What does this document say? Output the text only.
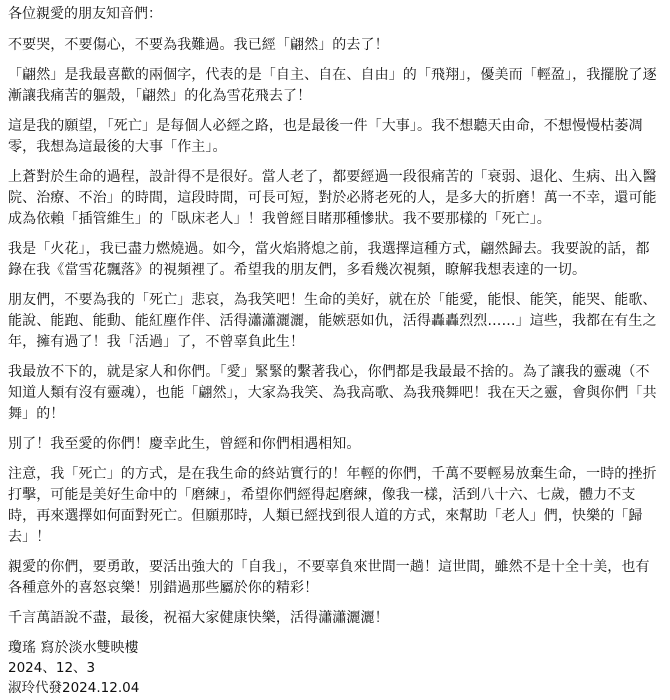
各位親愛的朋友知音們：

不要哭，不要傷心，不要為我難過。我已經「翩然」的去了！

「翩然」是我最喜歡的兩個字，代表的是「自主、自在、自由」的「飛翔」，優美而「輕盈」，我擺脫了逐漸讓我痛苦的軀殼，「翩然」的化為雪花飛去了！

這是我的願望，「死亡」是每個人必經之路，也是最後一件「大事」。我不想聽天由命，不想慢慢枯萎凋零，我想為這最後的大事「作主」。

上蒼對於生命的過程，設計得不是很好。當人老了，都要經過一段很痛苦的「衰弱、退化、生病、出入醫院、治療、不治」的時間，這段時間，可長可短，對於必將老死的人，是多大的折磨！萬一不幸，還可能成為依賴「插管維生」的「臥床老人」！我曾經目睹那種慘狀。我不要那樣的「死亡」。

我是「火花」，我已盡力燃燒過。如今，當火焰將熄之前，我選擇這種方式，翩然歸去。我要說的話，都錄在我《當雪花飄落》的視頻裡了。希望我的朋友們，多看幾次視頻，瞭解我想表達的一切。

朋友們，不要為我的「死亡」悲哀，為我笑吧！生命的美好，就在於「能愛，能恨、能笑，能哭、能歌、能說、能跑、能動、能紅塵作伴、活得瀟瀟灑灑，能嫉惡如仇，活得轟轟烈烈……」這些，我都在有生之年，擁有過了！我「活過」了，不曾辜負此生！

我最放不下的，就是家人和你們。「愛」緊緊的繫著我心，你們都是我最最不捨的。為了讓我的靈魂（不知道人類有沒有靈魂），也能「翩然」，大家為我笑、為我高歌、為我飛舞吧！我在天之靈，會與你們「共舞」的！

別了！我至愛的你們！慶幸此生，曾經和你們相遇相知。

注意，我「死亡」的方式，是在我生命的終站實行的！年輕的你們，千萬不要輕易放棄生命，一時的挫折打擊，可能是美好生命中的「磨練」，希望你們經得起磨練，像我一樣，活到八十六、七歲，體力不支時，再來選擇如何面對死亡。但願那時，人類已經找到很人道的方式，來幫助「老人」們，快樂的「歸去」！

親愛的你們，要勇敢，要活出強大的「自我」，不要辜負來世間一趟！這世間，雖然不是十全十美，也有各種意外的喜怒哀樂！別錯過那些屬於你的精彩！

千言萬語說不盡，最後，祝福大家健康快樂，活得瀟瀟灑灑！

瓊瑤 寫於淡水雙映樓
2024、12、3
淑玲代發2024.12.04
